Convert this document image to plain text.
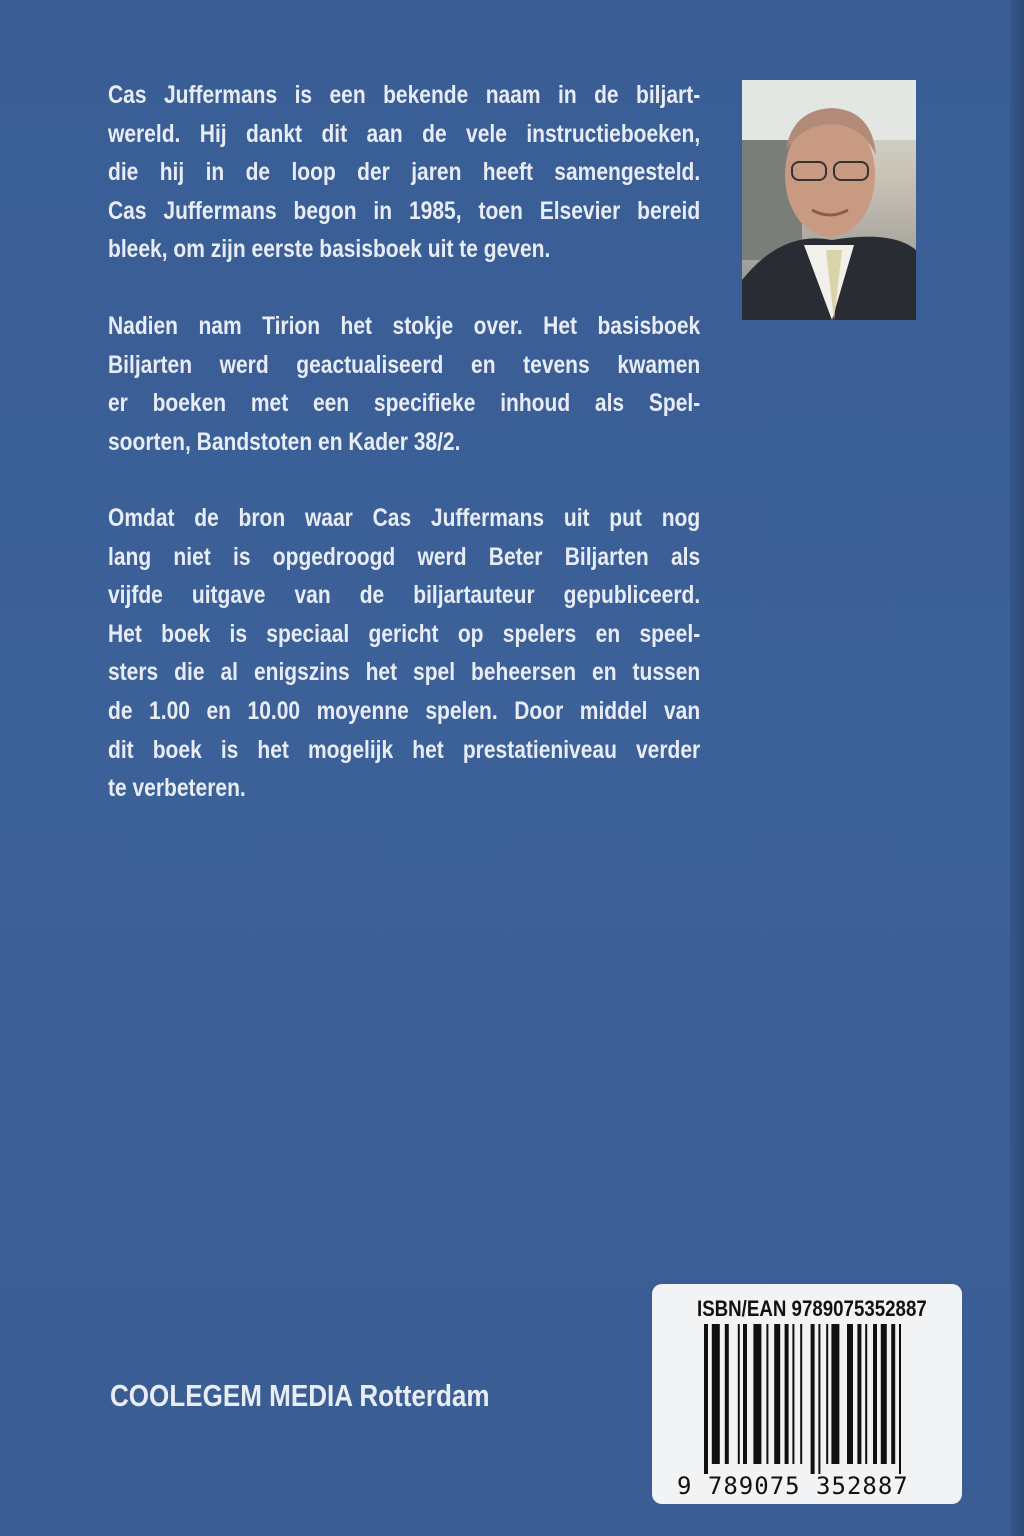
Cas Juffermans is een bekende naam in de biljart-
wereld. Hij dankt dit aan de vele instructieboeken,
die hij in de loop der jaren heeft samengesteld.
Cas Juffermans begon in 1985, toen Elsevier bereid
bleek, om zijn eerste basisboek uit te geven.
Nadien nam Tirion het stokje over. Het basisboek
Biljarten werd geactualiseerd en tevens kwamen
er boeken met een specifieke inhoud als Spel-
soorten, Bandstoten en Kader 38/2.
Omdat de bron waar Cas Juffermans uit put nog
lang niet is opgedroogd werd Beter Biljarten als
vijfde uitgave van de biljartauteur gepubliceerd.
Het boek is speciaal gericht op spelers en speel-
sters die al enigszins het spel beheersen en tussen
de 1.00 en 10.00 moyenne spelen. Door middel van
dit boek is het mogelijk het prestatieniveau verder
te verbeteren.
COOLEGEM MEDIA Rotterdam
ISBN/EAN 9789075352887
9 789075 352887
